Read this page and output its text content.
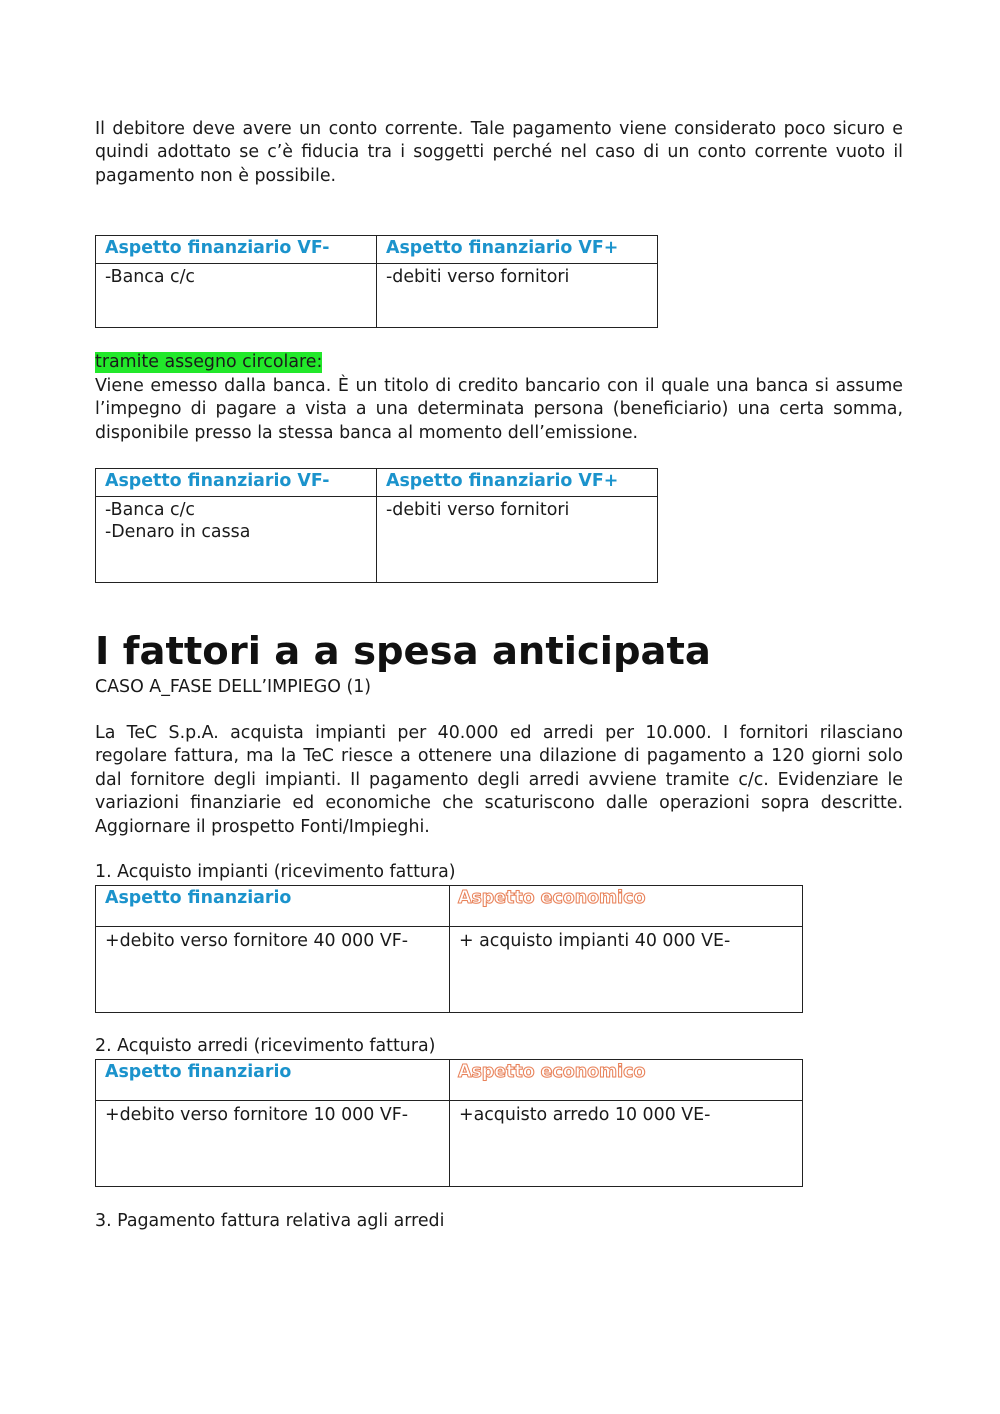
Il debitore deve avere un conto corrente. Tale pagamento viene considerato poco sicuro e quindi adottato se c’è fiducia tra i soggetti perché nel caso di un conto corrente vuoto il pagamento non è possibile.

Aspetto finanziario VF-	Aspetto finanziario VF+

-Banca c/c	-debiti verso fornitori
tramite assegno circolare:

Viene emesso dalla banca. È un titolo di credito bancario con il quale una banca si assume l’impegno di pagare a vista a una determinata persona (beneficiario) una certa somma, disponibile presso la stessa banca al momento dell’emissione.

Aspetto finanziario VF-	Aspetto finanziario VF+

-Banca c/c
-Denaro in cassa	-debiti verso fornitori
I fattori a a spesa anticipata

CASO A_FASE DELL’IMPIEGO (1)

La TeC S.p.A. acquista impianti per 40.000 ed arredi per 10.000. I fornitori rilasciano regolare fattura, ma la TeC riesce a ottenere una dilazione di pagamento a 120 giorni solo dal fornitore degli impianti. Il pagamento degli arredi avviene tramite c/c. Evidenziare le variazioni finanziarie ed economiche che scaturiscono dalle operazioni sopra descritte. Aggiornare il prospetto Fonti/Impieghi.

1. Acquisto impianti (ricevimento fattura)

Aspetto finanziario	Aspetto economico
+debito verso fornitore 40 000 VF-	+ acquisto impianti 40 000 VE-

2. Acquisto arredi (ricevimento fattura)

Aspetto finanziario	Aspetto economico
+debito verso fornitore 10 000 VF-	+acquisto arredo 10 000 VE-

3. Pagamento fattura relativa agli arredi
